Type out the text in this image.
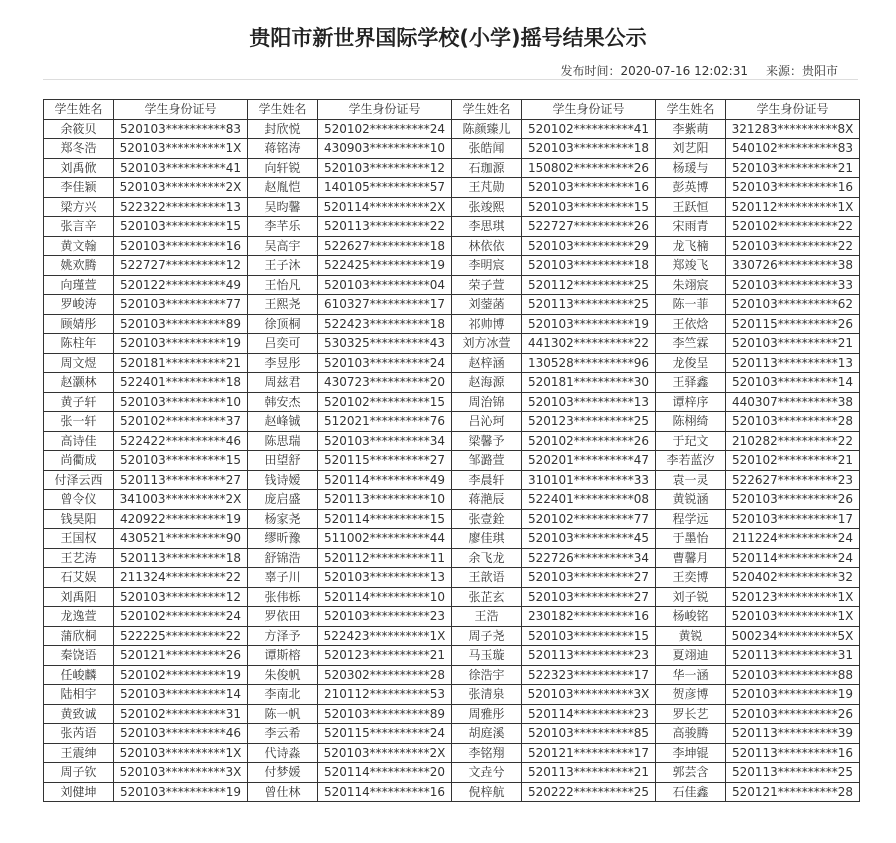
贵阳市新世界国际学校(小学)摇号结果公示
发布时间：2020-07-16 12:02:31 来源：贵阳市
学生姓名	学生身份证号	学生姓名	学生身份证号	学生姓名	学生身份证号	学生姓名	学生身份证号
余筱贝	520103**********83	封欣悦	520102**********24	陈颜臻儿	520102**********41	李紫萌	321283**********8X
郑冬浩	520103**********1X	蒋铭涛	430903**********10	张皓闻	520103**********18	刘艺阳	540102**********83
刘禹俽	520103**********41	向轩锐	520103**********12	石珈源	150802**********26	杨瑗与	520103**********21
李佳颖	520103**********2X	赵胤恺	140105**********57	王芃勋	520103**********16	彭英博	520103**********16
梁方兴	522322**********13	吴昀馨	520114**********2X	张竣熙	520103**********15	王跃恒	520112**********1X
张言辛	520103**********15	李芊乐	520113**********22	李思琪	522727**********26	宋雨青	520102**********22
黄文翰	520103**********16	吴高宇	522627**********18	林依依	520103**********29	龙飞楠	520103**********22
姚欢腾	522727**********12	王子沐	522425**********19	李明宸	520103**********18	郑竣飞	330726**********38
向瑾萱	520122**********49	王怡凡	520103**********04	荣子萱	520112**********25	朱翊宸	520103**********33
罗峻涛	520103**********77	王熙尧	610327**********17	刘蓥菡	520113**********25	陈一菲	520103**********62
顾婧彤	520103**********89	徐顶桐	522423**********18	祁帅博	520103**********19	王依焓	520115**********26
陈柱年	520103**********19	吕奕可	530325**********43	刘方冰萱	441302**********22	李竺霖	520103**********21
周文煜	520181**********21	李昱彤	520103**********24	赵梓涵	130528**********96	龙俊呈	520113**********13
赵灏林	522401**********18	周兹君	430723**********20	赵海源	520181**********30	王驿鑫	520103**********14
黄子轩	520103**********10	韩安杰	520102**********15	周治锦	520103**********13	谭梓序	440307**********38
张一轩	520102**********37	赵峰铖	512021**********76	吕沁珂	520123**********25	陈栩绮	520103**********28
高诗佳	522422**********46	陈思瑞	520103**********34	梁馨予	520102**********26	于玘文	210282**********22
尚衢成	520103**********15	田望舒	520115**********27	邹潞萱	520201**********47	李若蓝汐	520102**********21
付泽云西	520113**********27	钱诗嫒	520114**********49	李晨轩	310101**********33	袁一灵	522627**********23
曾令仪	341003**********2X	庞启盛	520113**********10	蒋滟辰	522401**********08	黄锐涵	520103**********26
钱昊阳	420922**********19	杨家尧	520114**********15	张壹銓	520102**********77	程学远	520103**********17
王国权	430521**********90	缪昕豫	511002**********44	廖佳琪	520103**********45	于墨怡	211224**********24
王艺涛	520113**********18	舒锦浩	520112**********11	余飞龙	522726**********34	曹馨月	520114**********24
石艾娱	211324**********22	辜子川	520103**********13	王歆语	520103**********27	王奕博	520402**********32
刘禹阳	520103**********12	张伟栎	520114**********10	张芷玄	520103**********27	刘子锐	520123**********1X
龙逸萱	520102**********24	罗依田	520103**********23	王浩	230182**********16	杨峻铭	520103**********1X
蒲欣桐	522225**********22	方泽予	522423**********1X	周子尧	520103**********15	黄锐	500234**********5X
秦饶语	520121**********26	谭斯榕	520123**********21	马玉璇	520113**********23	夏翊迪	520113**********31
任峻麟	520102**********19	朱俊帆	520302**********28	徐浩宇	522323**********17	华一涵	520103**********88
陆相宇	520103**********14	李南北	210112**********53	张清泉	520103**********3X	贺彦博	520103**********19
黄致诚	520102**********31	陈一帆	520103**********89	周雅彤	520114**********23	罗长艺	520103**********26
张芮语	520103**********46	李云希	520115**********24	胡庭溪	520103**********85	高骏腾	520113**********39
王震绅	520103**********1X	代诗淼	520103**********2X	李铭翔	520121**********17	李坤锟	520113**********16
周子钦	520103**********3X	付梦媛	520114**********20	文垚兮	520113**********21	郭芸含	520113**********25
刘健坤	520103**********19	曾仕林	520114**********16	倪梓航	520222**********25	石佳鑫	520121**********28
